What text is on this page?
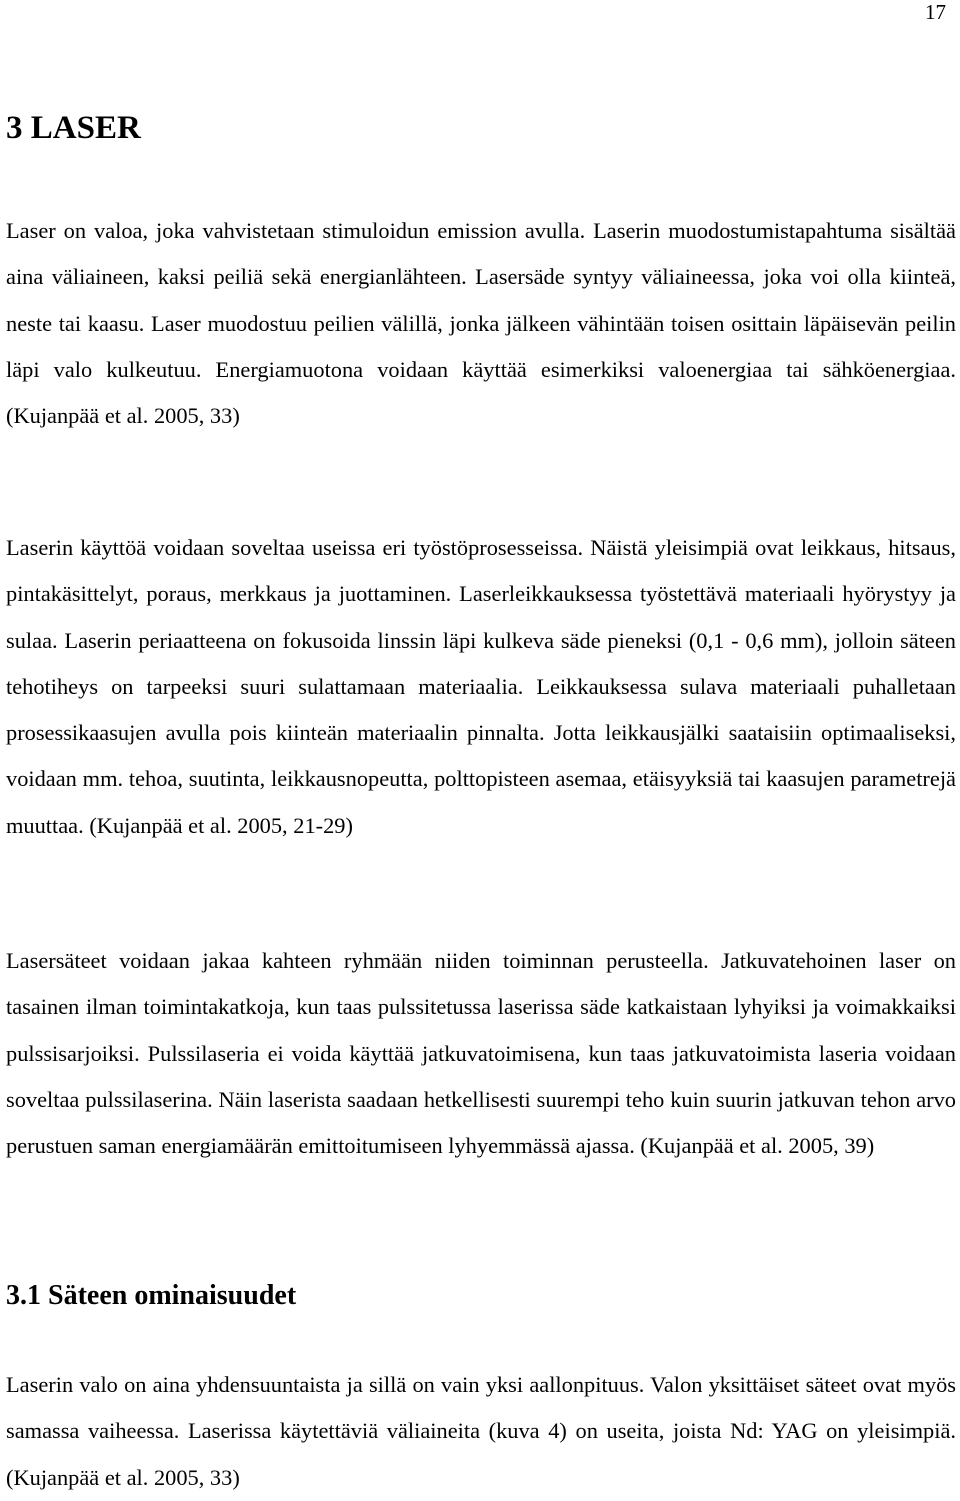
17
3 LASER

Laser on valoa, joka vahvistetaan stimuloidun emission avulla. Laserin muodostumistapahtuma sisältää aina väliaineen, kaksi peiliä sekä energianlähteen. Lasersäde syntyy väliaineessa, joka voi olla kiinteä, neste tai kaasu. Laser muodostuu peilien välillä, jonka jälkeen vähintään toisen osittain läpäisevän peilin läpi valo kulkeutuu. Energiamuotona voidaan käyttää esimerkiksi valoenergiaa tai sähköenergiaa. (Kujanpää et al. 2005, 33)

Laserin käyttöä voidaan soveltaa useissa eri työstöprosesseissa. Näistä yleisimpiä ovat leikkaus, hitsaus, pintakäsittelyt, poraus, merkkaus ja juottaminen. Laserleikkauksessa työstettävä materiaali hyörystyy ja sulaa. Laserin periaatteena on fokusoida linssin läpi kulkeva säde pieneksi (0,1 - 0,6 mm), jolloin säteen tehotiheys on tarpeeksi suuri sulattamaan materiaalia. Leikkauksessa sulava materiaali puhalletaan prosessikaasujen avulla pois kiinteän materiaalin pinnalta. Jotta leikkausjälki saataisiin optimaaliseksi, voidaan mm. tehoa, suutinta, leikkausnopeutta, polttopisteen asemaa, etäisyyksiä tai kaasujen parametrejä muuttaa. (Kujanpää et al. 2005, 21-29)

Lasersäteet voidaan jakaa kahteen ryhmään niiden toiminnan perusteella. Jatkuvatehoinen laser on tasainen ilman toimintakatkoja, kun taas pulssitetussa laserissa säde katkaistaan lyhyiksi ja voimakkaiksi pulssisarjoiksi. Pulssilaseria ei voida käyttää jatkuvatoimisena, kun taas jatkuvatoimista laseria voidaan soveltaa pulssilaserina. Näin laserista saadaan hetkellisesti suurempi teho kuin suurin jatkuvan tehon arvo perustuen saman energiamäärän emittoitumiseen lyhyemmässä ajassa. (Kujanpää et al. 2005, 39)

3.1 Säteen ominaisuudet

Laserin valo on aina yhdensuuntaista ja sillä on vain yksi aallonpituus. Valon yksittäiset säteet ovat myös samassa vaiheessa. Laserissa käytettäviä väliaineita (kuva 4) on useita, joista Nd: YAG on yleisimpiä. (Kujanpää et al. 2005, 33)
